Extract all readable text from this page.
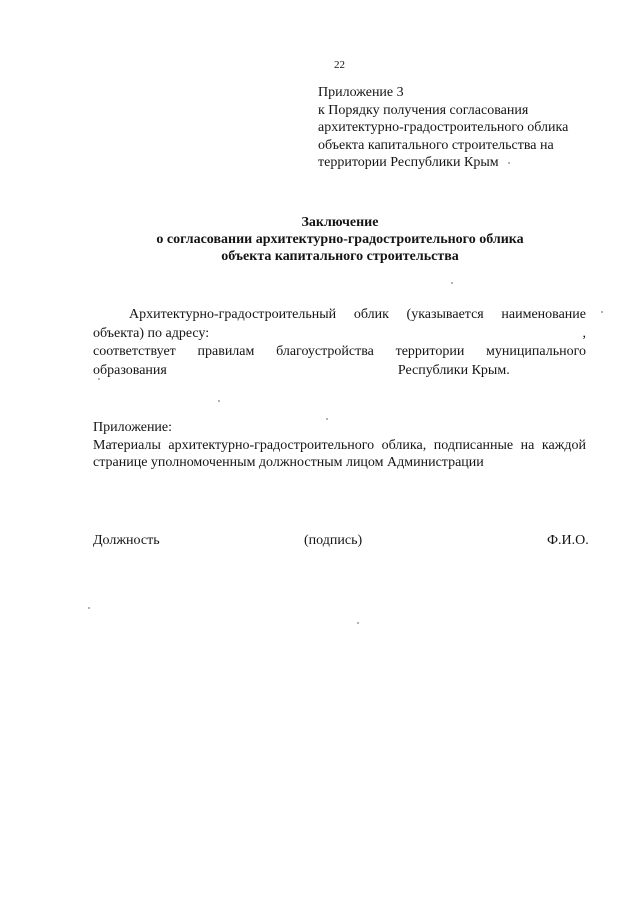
22
Приложение 3
к Порядку получения согласования
архитектурно-градостроительного облика
объекта капитального строительства на
территории Республики Крым
Заключение
о согласовании архитектурно-градостроительного облика
объекта капитального строительства
Архитектурно-градостроительный облик (указывается наименование
объекта) по адресу:	,
соответствует правилам благоустройства территории муниципального
образования	Республики Крым.
Приложение:
Материалы архитектурно-градостроительного облика, подписанные на каждой
странице уполномоченным должностным лицом Администрации
Должность	(подпись)	Ф.И.О.
